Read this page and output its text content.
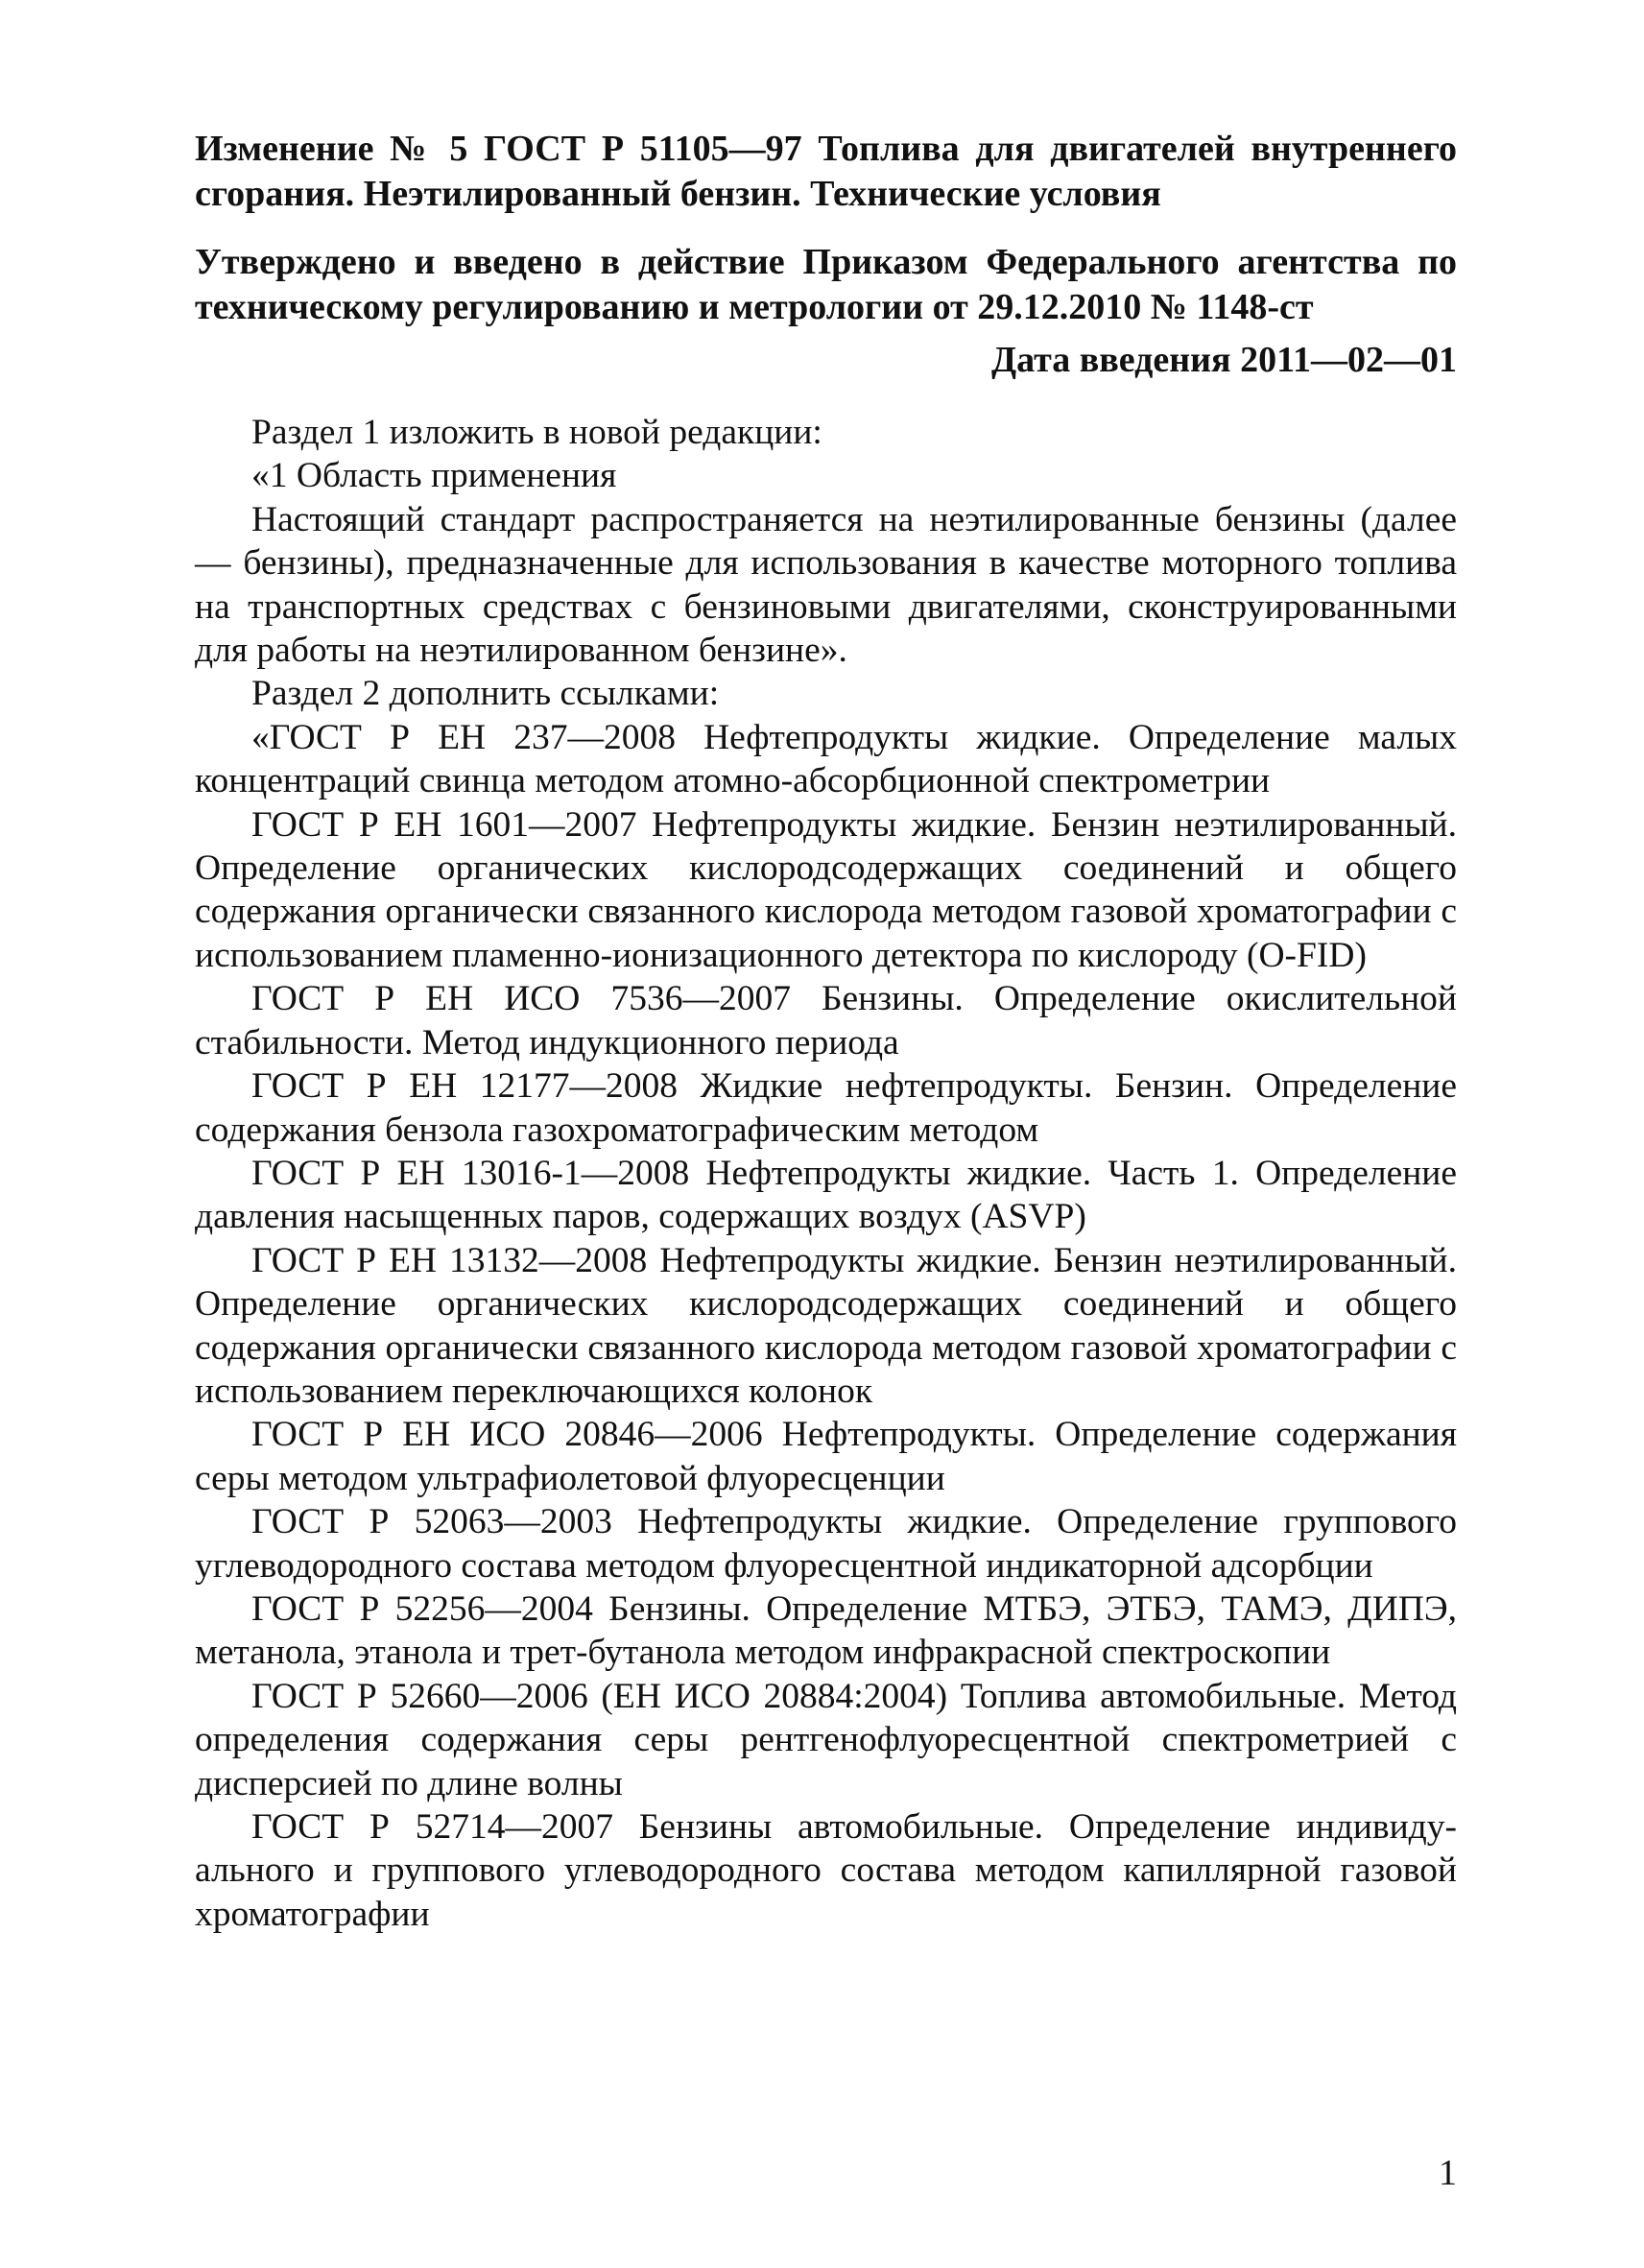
Изменение № 5 ГОСТ Р 51105—97 Топлива для двигателей внутреннего сгорания. Неэтилированный бензин. Технические условия

Утверждено и введено в действие Приказом Федерального агентства по техническому регулированию и метрологии от 29.12.2010 № 1148-ст

Дата введения 2011—02—01

Раздел 1 изложить в новой редакции:

«1 Область применения

Настоящий стандарт распространяется на неэтилированные бензины (далее — бензины), предназначенные для использования в качестве моторного топлива на транспортных средствах с бензиновыми двигателями, сконструированными для работы на неэтилированном бензине».

Раздел 2 дополнить ссылками:

«ГОСТ Р ЕН 237—2008 Нефтепродукты жидкие. Определение малых концентраций свинца методом атомно-абсорбционной спектрометрии

ГОСТ Р ЕН 1601—2007 Нефтепродукты жидкие. Бензин неэтилированный. Определение органических кислородсодержащих соединений и общего содержания органически связанного кислорода методом газовой хроматографии с использованием пламенно-ионизационного детектора по кислороду (O-FID)

ГОСТ Р ЕН ИСО 7536—2007 Бензины. Определение окислительной стабильности. Метод индукционного периода

ГОСТ Р ЕН 12177—2008 Жидкие нефтепродукты. Бензин. Определение содержания бензола газохроматографическим методом

ГОСТ Р ЕН 13016-1—2008 Нефтепродукты жидкие. Часть 1. Определение давления насыщенных паров, содержащих воздух (ASVP)

ГОСТ Р ЕН 13132—2008 Нефтепродукты жидкие. Бензин неэтилированный. Определение органических кислородсодержащих соединений и общего содержания органически связанного кислорода методом газовой хроматографии с использованием переключающихся колонок

ГОСТ Р ЕН ИСО 20846—2006 Нефтепродукты. Определение содержания серы методом ультрафиолетовой флуоресценции

ГОСТ Р 52063—2003 Нефтепродукты жидкие. Определение группового углеводородного состава методом флуоресцентной индикаторной адсорбции

ГОСТ Р 52256—2004 Бензины. Определение МТБЭ, ЭТБЭ, ТАМЭ, ДИПЭ, метанола, этанола и трет-бутанола методом инфракрасной спектроскопии

ГОСТ Р 52660—2006 (ЕН ИСО 20884:2004) Топлива автомобильные. Метод определения содержания серы рентгенофлуоресцентной спектрометрией с дисперсией по длине волны

ГОСТ Р 52714—2007 Бензины автомобильные. Определение индивидуального и группового углеводородного состава методом капиллярной газовой хроматографии

1
